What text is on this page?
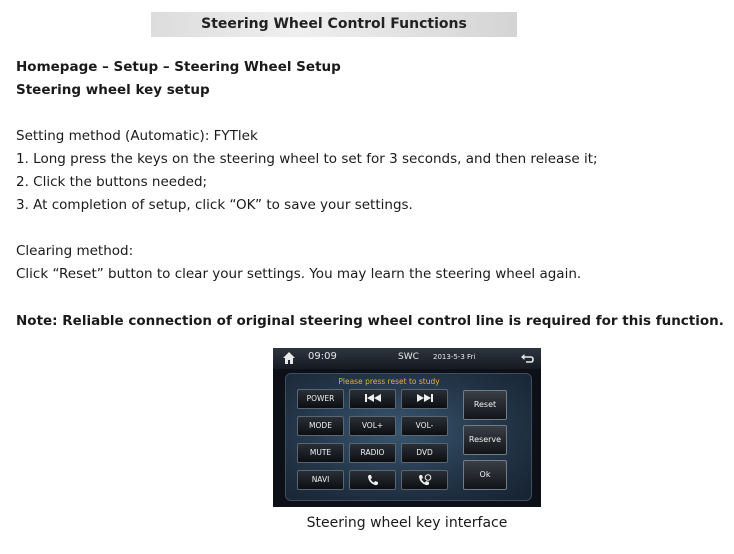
Steering Wheel Control Functions
Homepage – Setup – Steering Wheel Setup
Steering wheel key setup
Setting method (Automatic): FYTlek
1. Long press the keys on the steering wheel to set for 3 seconds, and then release it;
2. Click the buttons needed;
3. At completion of setup, click “OK” to save your settings.
Clearing method:
Click “Reset” button to clear your settings. You may learn the steering wheel again.
Note: Reliable connection of original steering wheel control line is required for this function.
09:09	SWC 2013-5-3 Fri
Please press reset to study
POWER
MODE	VOL+	VOL-
MUTE	RADIO	DVD
NAVI
Reset
Reserve
Ok
Steering wheel key interface
